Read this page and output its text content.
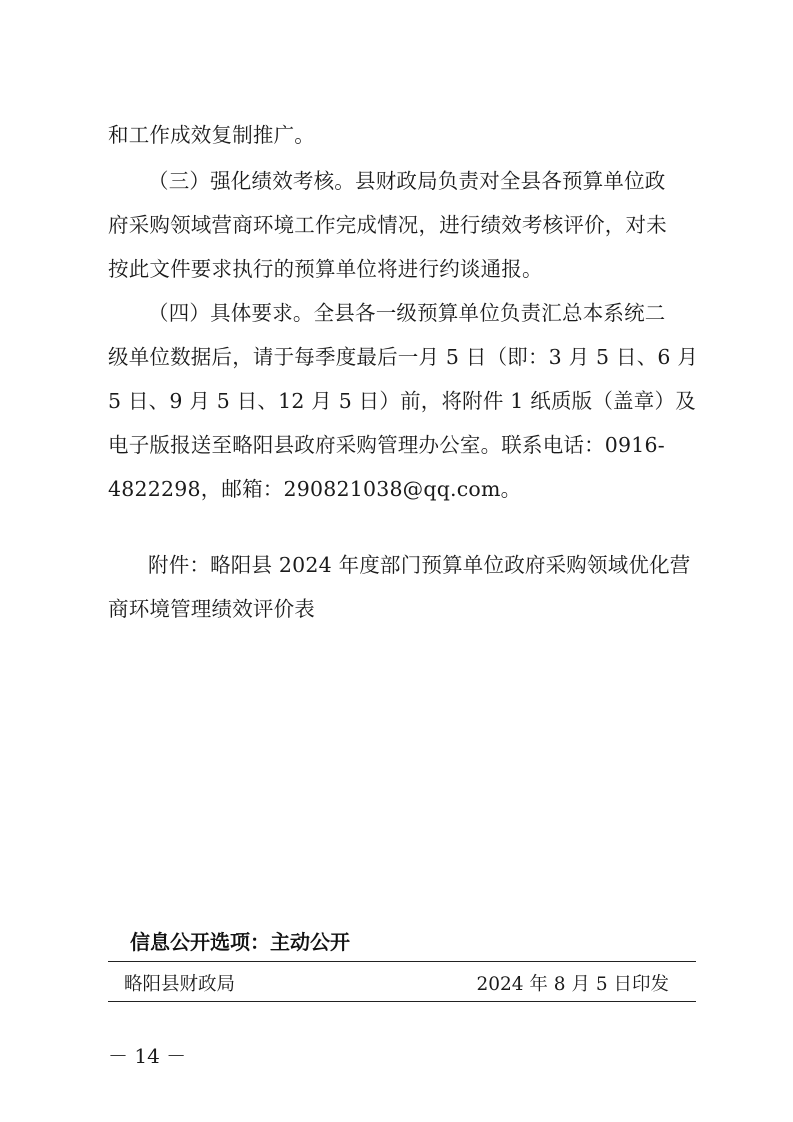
和工作成效复制推广。
（三）强化绩效考核。县财政局负责对全县各预算单位政
府采购领域营商环境工作完成情况，进行绩效考核评价，对未
按此文件要求执行的预算单位将进行约谈通报。
（四）具体要求。全县各一级预算单位负责汇总本系统二
级单位数据后，请于每季度最后一月 5 日（即：3 月 5 日、6 月
5 日、9 月 5 日、12 月 5 日）前，将附件 1 纸质版（盖章）及
电子版报送至略阳县政府采购管理办公室。联系电话：0916-
4822298，邮箱：290821038@qq.com。
附件：略阳县 2024 年度部门预算单位政府采购领域优化营
商环境管理绩效评价表
信息公开选项：主动公开
略阳县财政局	2024 年 8 月 5 日印发
－ 14 －
